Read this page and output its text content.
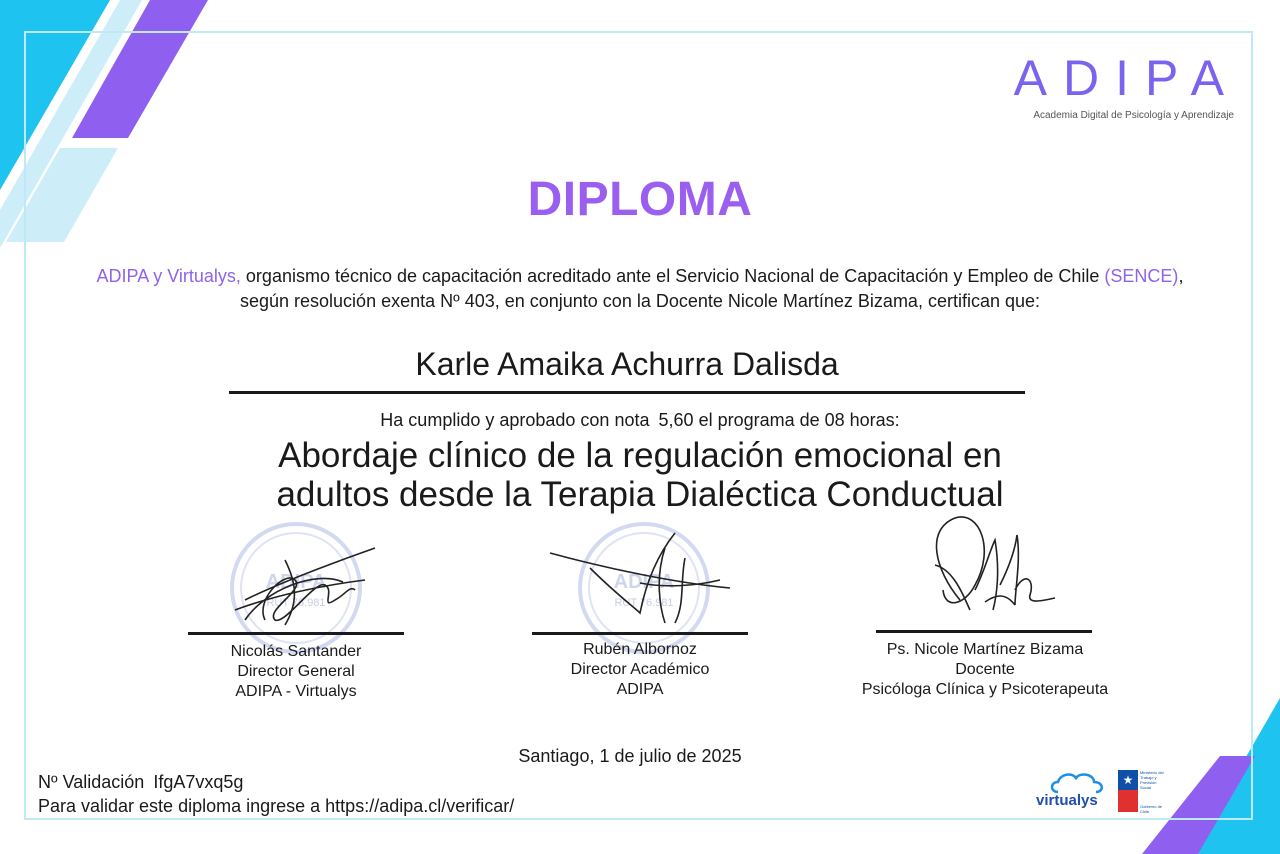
ADIPA
Academia Digital de Psicología y Aprendizaje
DIPLOMA
ADIPA y Virtualys, organismo técnico de capacitación acreditado ante el Servicio Nacional de Capacitación y Empleo de Chile (SENCE), según resolución exenta Nº 403, en conjunto con la Docente Nicole Martínez Bizama, certifican que:
Karle Amaika Achurra Dalisda
Ha cumplido y aprobado con nota 5,60 el programa de 08 horas:
Abordaje clínico de la regulación emocional en
adultos desde la Terapia Dialéctica Conductual
ADIPA
RUT 76.981
Nicolás Santander
Director General
ADIPA - Virtualys
ADIPA
RUT 76.981
Rubén Albornoz
Director Académico
ADIPA
Ps. Nicole Martínez Bizama
Docente
Psicóloga Clínica y Psicoterapeuta
Santiago, 1 de julio de 2025
Nº Validación IfgA7vxq5g
Para validar este diploma ingrese a https://adipa.cl/verificar/	virtualys
★
Ministerio del
Trabajo y
Previsión
Social
Gobierno de Chile
